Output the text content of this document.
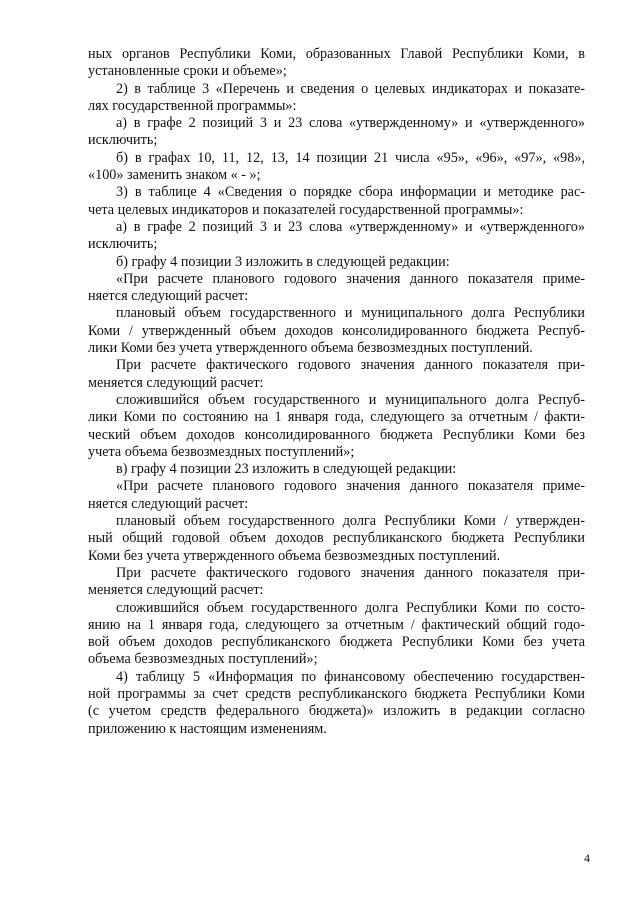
ных органов Республики Коми, образованных Главой Республики Коми, в
установленные сроки и объеме»;
2) в таблице 3 «Перечень и сведения о целевых индикаторах и показате-
лях государственной программы»:
а) в графе 2 позиций 3 и 23 слова «утвержденному» и «утвержденного»
исключить;
б) в графах 10, 11, 12, 13, 14 позиции 21 числа «95», «96», «97», «98»,
«100» заменить знаком « - »;
3) в таблице 4 «Сведения о порядке сбора информации и методике рас-
чета целевых индикаторов и показателей государственной программы»:
а) в графе 2 позиций 3 и 23 слова «утвержденному» и «утвержденного»
исключить;
б) графу 4 позиции 3 изложить в следующей редакции:
«При расчете планового годового значения данного показателя приме-
няется следующий расчет:
плановый объем государственного и муниципального долга Республики
Коми / утвержденный объем доходов консолидированного бюджета Респуб-
лики Коми без учета утвержденного объема безвозмездных поступлений.
При расчете фактического годового значения данного показателя при-
меняется следующий расчет:
сложившийся объем государственного и муниципального долга Респуб-
лики Коми по состоянию на 1 января года, следующего за отчетным / факти-
ческий объем доходов консолидированного бюджета Республики Коми без
учета объема безвозмездных поступлений»;
в) графу 4 позиции 23 изложить в следующей редакции:
«При расчете планового годового значения данного показателя приме-
няется следующий расчет:
плановый объем государственного долга Республики Коми / утвержден-
ный общий годовой объем доходов республиканского бюджета Республики
Коми без учета утвержденного объема безвозмездных поступлений.
При расчете фактического годового значения данного показателя при-
меняется следующий расчет:
сложившийся объем государственного долга Республики Коми по состо-
янию на 1 января года, следующего за отчетным / фактический общий годо-
вой объем доходов республиканского бюджета Республики Коми без учета
объема безвозмездных поступлений»;
4) таблицу 5 «Информация по финансовому обеспечению государствен-
ной программы за счет средств республиканского бюджета Республики Коми
(с учетом средств федерального бюджета)» изложить в редакции согласно
приложению к настоящим изменениям.
4
